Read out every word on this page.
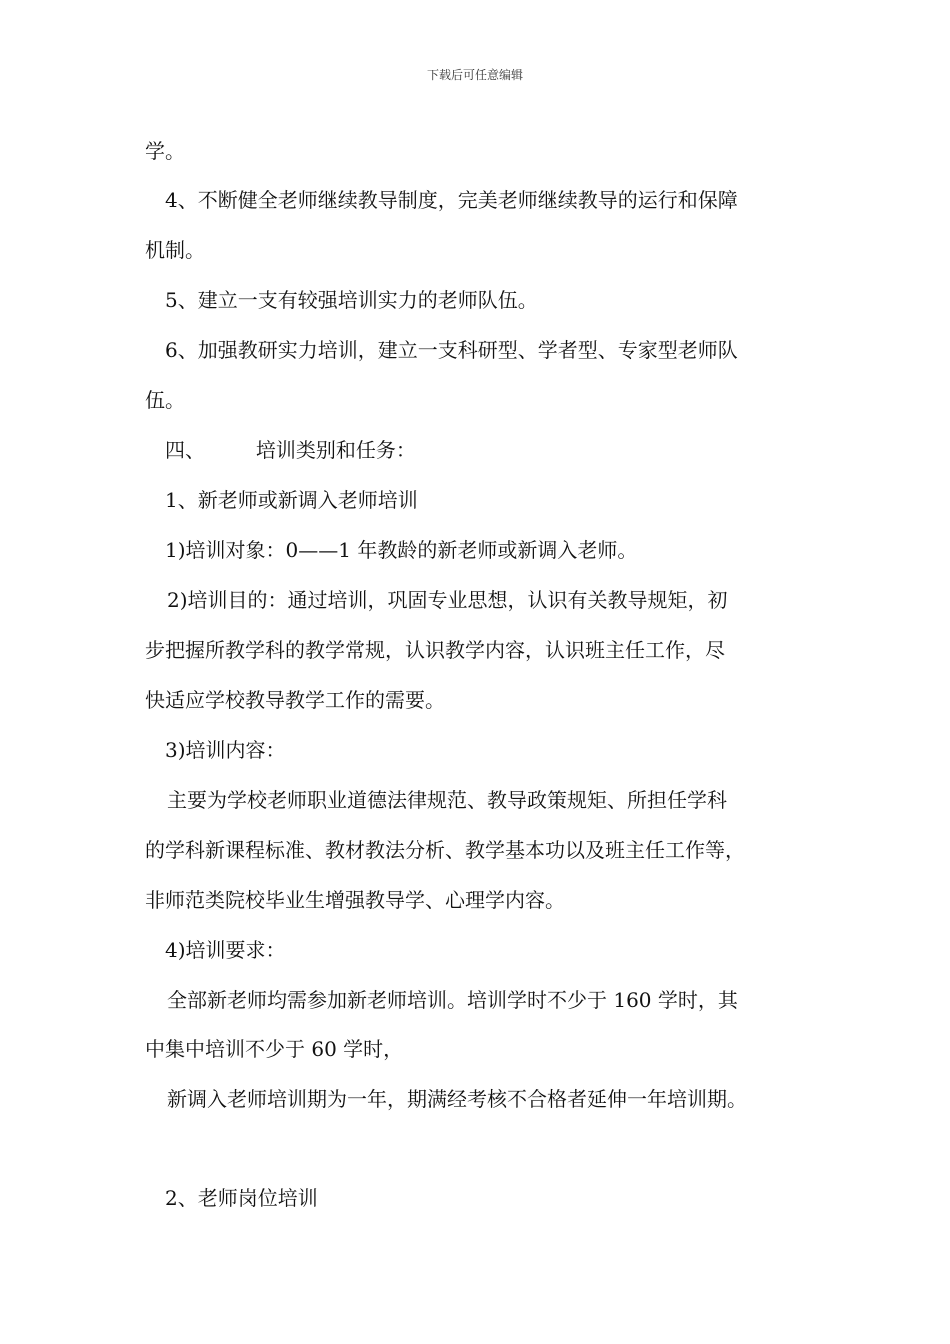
下载后可任意编辑
学。
4、不断健全老师继续教导制度，完美老师继续教导的运行和保障
机制。
5、建立一支有较强培训实力的老师队伍。
6、加强教研实力培训，建立一支科研型、学者型、专家型老师队
伍。
四、        培训类别和任务：
1、新老师或新调入老师培训
1)培训对象：0——1 年教龄的新老师或新调入老师。
2)培训目的：通过培训，巩固专业思想，认识有关教导规矩，初
步把握所教学科的教学常规，认识教学内容，认识班主任工作，尽
快适应学校教导教学工作的需要。
3)培训内容：
主要为学校老师职业道德法律规范、教导政策规矩、所担任学科
的学科新课程标准、教材教法分析、教学基本功以及班主任工作等，
非师范类院校毕业生增强教导学、心理学内容。
4)培训要求：
全部新老师均需参加新老师培训。培训学时不少于 160 学时，其
中集中培训不少于 60 学时，
新调入老师培训期为一年，期满经考核不合格者延伸一年培训期。
2、老师岗位培训
